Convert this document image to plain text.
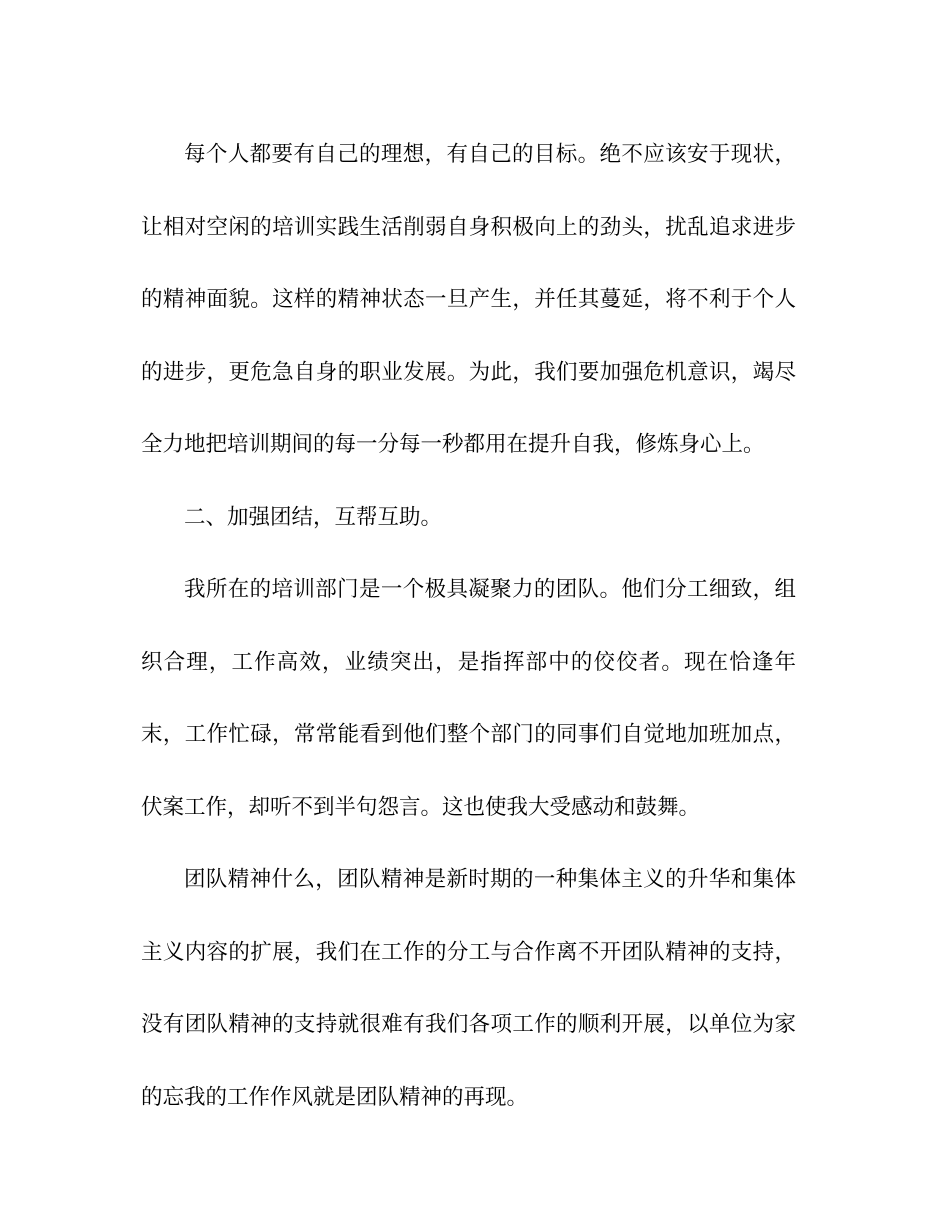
每个人都要有自己的理想，有自己的目标。绝不应该安于现状，让相对空闲的培训实践生活削弱自身积极向上的劲头，扰乱追求进步的精神面貌。这样的精神状态一旦产生，并任其蔓延，将不利于个人的进步，更危急自身的职业发展。为此，我们要加强危机意识，竭尽全力地把培训期间的每一分每一秒都用在提升自我，修炼身心上。

二、加强团结，互帮互助。

我所在的培训部门是一个极具凝聚力的团队。他们分工细致，组织合理，工作高效，业绩突出，是指挥部中的佼佼者。现在恰逢年末，工作忙碌，常常能看到他们整个部门的同事们自觉地加班加点，伏案工作，却听不到半句怨言。这也使我大受感动和鼓舞。

团队精神什么，团队精神是新时期的一种集体主义的升华和集体主义内容的扩展，我们在工作的分工与合作离不开团队精神的支持，没有团队精神的支持就很难有我们各项工作的顺利开展，以单位为家的忘我的工作作风就是团队精神的再现。
